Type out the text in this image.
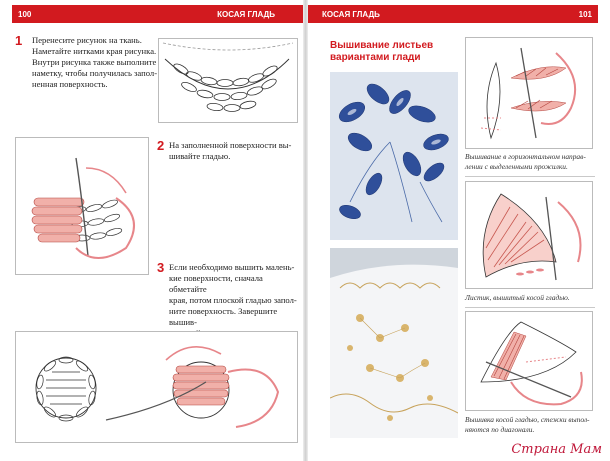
100	КОСАЯ ГЛАДЬ	КОСАЯ ГЛАДЬ	101
1 Перенесите рисунок на ткань.
Наметайте нитками края рисунка.
Внутри рисунка также выполните
наметку, чтобы получилась запол-
ненная поверхность.
2 На заполненной поверхности вы-
шивайте гладью.
3 Если необходимо вышить малень-
кие поверхности, сначала обметайте
края, потом плоской гладью запол-
ните поверхность. Завершите вышив-
Вышивание листьев
вариантами глади
Вышивание в горизонтальном направ-
лении с выделенными прожилки.
Листик, вышитый косой гладью.
Вышивка косой гладью, стежки выпол-
няются по диагонали.
Страна Мам
